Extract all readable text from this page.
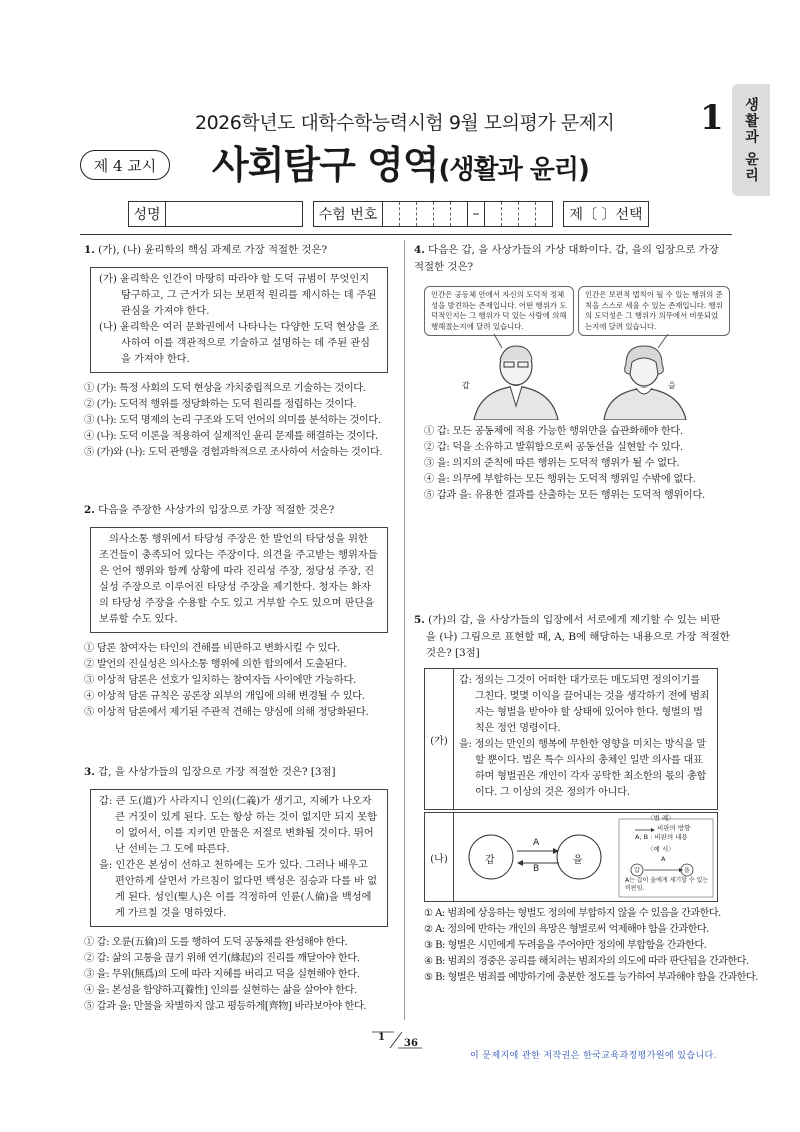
2026학년도 대학수학능력시험 9월 모의평가 문제지	1 생활과 윤리
제 4 교시	사회탐구 영역(생활과 윤리)
성명	수험 번호	–	제〔 〕선택
1. (가), (나) 윤리학의 핵심 과제로 가장 적절한 것은?
(가) 윤리학은 인간이 마땅히 따라야 할 도덕 규범이 무엇인지 탐구하고, 그 근거가 되는 보편적 원리를 제시하는 데 주된 관심을 가져야 한다.
(나) 윤리학은 여러 문화권에서 나타나는 다양한 도덕 현상을 조사하여 이를 객관적으로 기술하고 설명하는 데 주된 관심을 가져야 한다.
① (가): 특정 사회의 도덕 현상을 가치중립적으로 기술하는 것이다.
② (가): 도덕적 행위를 정당화하는 도덕 원리를 정립하는 것이다.
③ (나): 도덕 명제의 논리 구조와 도덕 언어의 의미를 분석하는 것이다.
④ (나): 도덕 이론을 적용하여 실제적인 윤리 문제를 해결하는 것이다.
⑤ (가)와 (나): 도덕 관행을 경험과학적으로 조사하여 서술하는 것이다.
2. 다음을 주장한 사상가의 입장으로 가장 적절한 것은?
의사소통 행위에서 타당성 주장은 한 발언의 타당성을 위한 조건들이 충족되어 있다는 주장이다. 의견을 주고받는 행위자들은 언어 행위와 함께 상황에 따라 진리성 주장, 정당성 주장, 진실성 주장으로 이루어진 타당성 주장을 제기한다. 청자는 화자의 타당성 주장을 수용할 수도 있고 거부할 수도 있으며 판단을 보류할 수도 있다.
① 담론 참여자는 타인의 견해를 비판하고 변화시킬 수 있다.
② 발언의 진실성은 의사소통 행위에 의한 합의에서 도출된다.
③ 이상적 담론은 선호가 일치하는 참여자들 사이에만 가능하다.
④ 이상적 담론 규칙은 공론장 외부의 개입에 의해 변경될 수 있다.
⑤ 이상적 담론에서 제기된 주관적 견해는 양심에 의해 정당화된다.
3. 갑, 을 사상가들의 입장으로 가장 적절한 것은? [3점]
갑: 큰 도(道)가 사라지니 인의(仁義)가 생기고, 지혜가 나오자 큰 거짓이 있게 된다. 도는 항상 하는 것이 없지만 되지 못함이 없어서, 이를 지키면 만물은 저절로 변화될 것이다. 뛰어난 선비는 그 도에 따른다.
을: 인간은 본성이 선하고 천하에는 도가 있다. 그러나 배우고 편안하게 살면서 가르침이 없다면 백성은 짐승과 다를 바 없게 된다. 성인(聖人)은 이를 걱정하여 인륜(人倫)을 백성에게 가르칠 것을 명하였다.
① 갑: 오륜(五倫)의 도를 행하여 도덕 공동체를 완성해야 한다.
② 갑: 삶의 고통을 끊기 위해 연기(緣起)의 진리를 깨달아야 한다.
③ 을: 무위(無爲)의 도에 따라 지혜를 버리고 덕을 실현해야 한다.
④ 을: 본성을 함양하고[養性] 인의를 실현하는 삶을 살아야 한다.
⑤ 갑과 을: 만물을 차별하지 않고 평등하게[齊物] 바라보아야 한다.
4. 다음은 갑, 을 사상가들의 가상 대화이다. 갑, 을의 입장으로 가장 적절한 것은?
인간은 공동체 안에서 자신의 도덕적 정체성을 발견하는 존재입니다. 어떤 행위가 도덕적인지는 그 행위가 덕 있는 사람에 의해 행해졌는지에 달려 있습니다.
인간은 보편적 법칙이 될 수 있는 행위의 준칙을 스스로 세울 수 있는 존재입니다. 행위의 도덕성은 그 행위가 의무에서 비롯되었는지에 달려 있습니다.
갑	을
① 갑: 모든 공동체에 적용 가능한 행위만을 습관화해야 한다.
② 갑: 덕을 소유하고 발휘함으로써 공동선을 실현할 수 있다.
③ 을: 의지의 준칙에 따른 행위는 도덕적 행위가 될 수 없다.
④ 을: 의무에 부합하는 모든 행위는 도덕적 행위일 수밖에 없다.
⑤ 갑과 을: 유용한 결과를 산출하는 모든 행위는 도덕적 행위이다.
5. (가)의 갑, 을 사상가들의 입장에서 서로에게 제기할 수 있는 비판을 (나) 그림으로 표현할 때, A, B에 해당하는 내용으로 가장 적절한 것은? [3점]
(가)
갑: 정의는 그것이 어떠한 대가로든 매도되면 정의이기를 그친다. 몇몇 이익을 끌어내는 것을 생각하기 전에 범죄자는 형벌을 받아야 할 상태에 있어야 한다. 형벌의 법칙은 정언 명령이다.
을: 정의는 만인의 행복에 무한한 영향을 미치는 방식을 말할 뿐이다. 법은 특수 의사의 총체인 일반 의사를 대표하며 형벌권은 개인이 각자 공탁한 최소한의 몫의 총합이다. 그 이상의 것은 정의가 아니다.
(나)	갑	을
A
B
〈범 례〉
비판의 방향
A, B : 비판의 내용
〈예 시〉
갑	을
A
A는 갑이 을에게 제기할 수 있는 비판임.
① A: 범죄에 상응하는 형벌도 정의에 부합하지 않을 수 있음을 간과한다.
② A: 정의에 반하는 개인의 욕망은 형벌로써 억제해야 함을 간과한다.
③ B: 형벌은 시민에게 두려움을 주어야만 정의에 부합함을 간과한다.
④ B: 범죄의 경중은 공리를 해치려는 범죄자의 의도에 따라 판단됨을 간과한다.
⑤ B: 형벌은 범죄를 예방하기에 충분한 정도를 능가하여 부과해야 함을 간과한다.
1
36
이 문제지에 관한 저작권은 한국교육과정평가원에 있습니다.
